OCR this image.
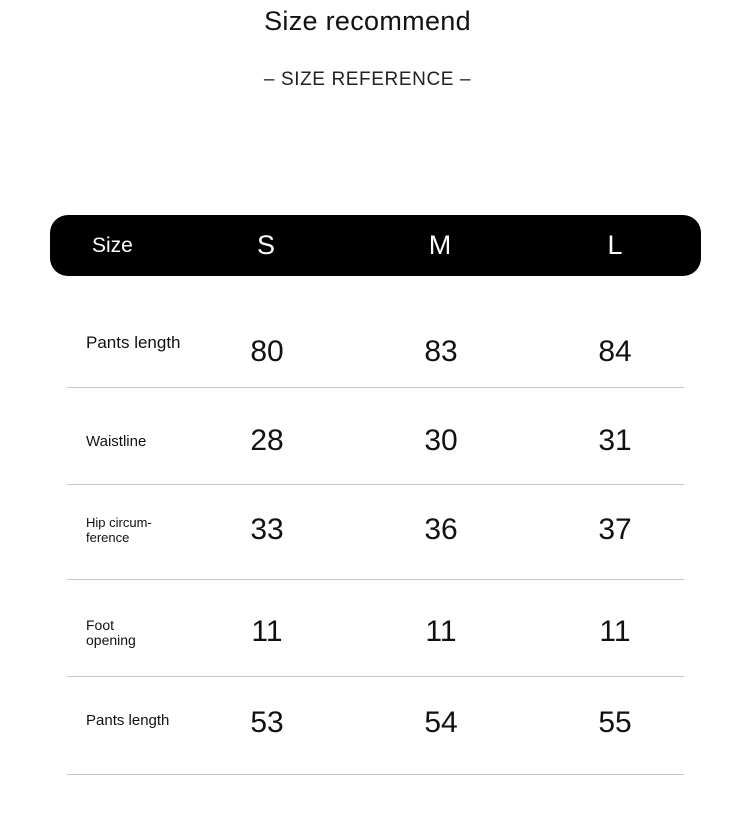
Size recommend
– SIZE REFERENCE –
Size	S	M	L
Pants length	80	83	84
Waistline	28	30	31
Hip circum-ference	33	36	37
Foot opening	11	11	11
Pants length	53	54	55
